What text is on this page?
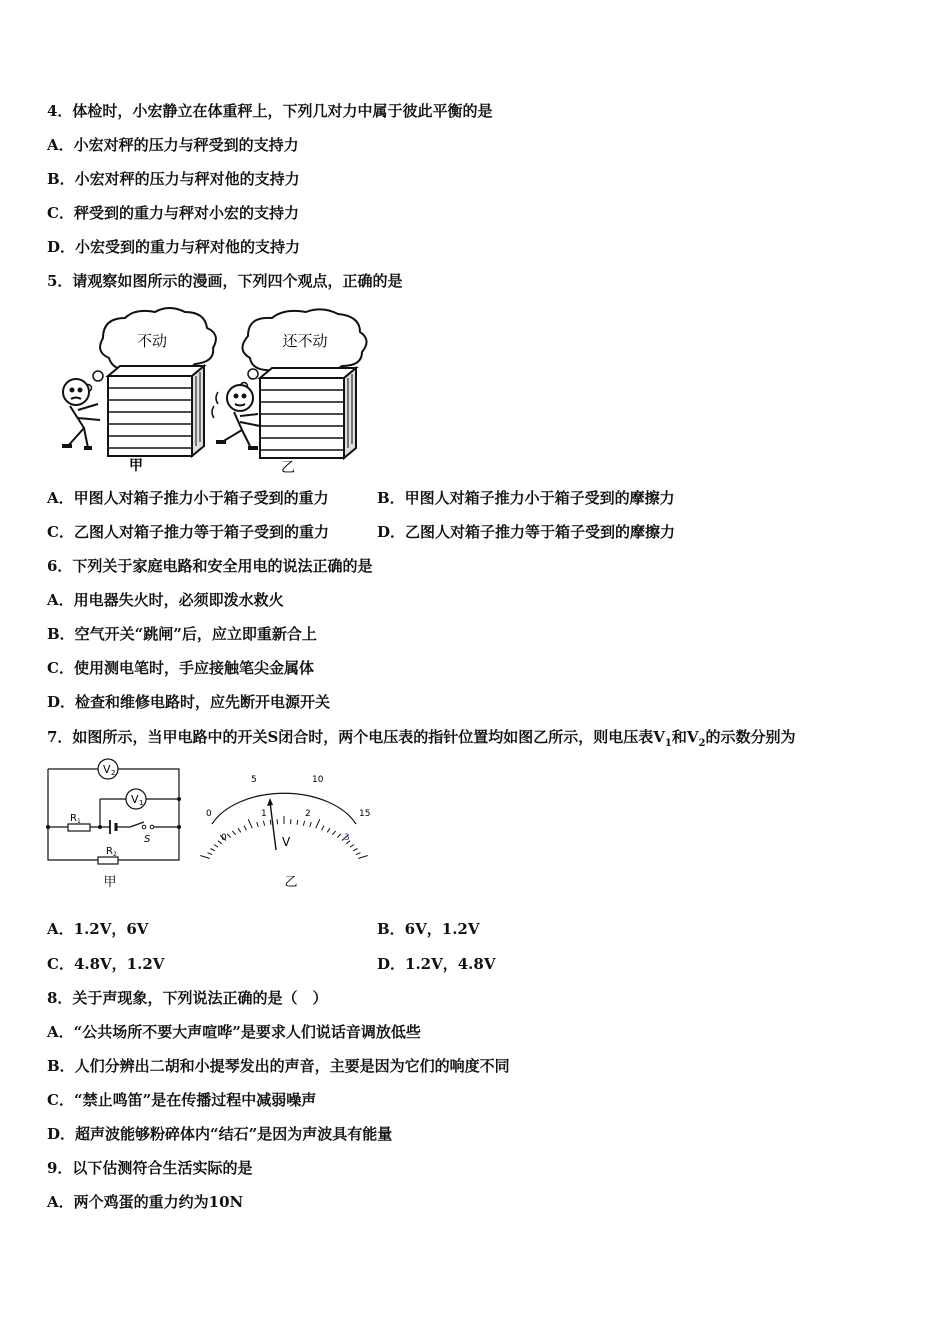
4．体检时，小宏静立在体重秤上，下列几对力中属于彼此平衡的是
A．小宏对秤的压力与秤受到的支持力
B．小宏对秤的压力与秤对他的支持力
C．秤受到的重力与秤对小宏的支持力
D．小宏受到的重力与秤对他的支持力
5．请观察如图所示的漫画，下列四个观点，正确的是
不动	还不动
甲	乙
A．甲图人对箱子推力小于箱子受到的重力	B．甲图人对箱子推力小于箱子受到的摩擦力
C．乙图人对箱子推力等于箱子受到的重力	D．乙图人对箱子推力等于箱子受到的摩擦力
6．下列关于家庭电路和安全用电的说法正确的是
A．用电器失火时，必须即泼水救火
B．空气开关“跳闸”后，应立即重新合上
C．使用测电笔时，手应接触笔尖金属体
D．检查和维修电路时，应先断开电源开关
7．如图所示，当甲电路中的开关S闭合时，两个电压表的指针位置均如图乙所示，则电压表$V_1$和$V_2$的示数分别为
V 2
V 1
R 1
S
R 2
甲
0
5	10
15
0
1	2
3
V
乙
A．1.2V，6V	B．6V，1.2V
C．4.8V，1.2V	D．1.2V，4.8V
8．关于声现象，下列说法正确的是（　）
A．“公共场所不要大声喧哗”是要求人们说话音调放低些
B．人们分辨出二胡和小提琴发出的声音，主要是因为它们的响度不同
C．“禁止鸣笛”是在传播过程中减弱噪声
D．超声波能够粉碎体内“结石”是因为声波具有能量
9．以下估测符合生活实际的是
A．两个鸡蛋的重力约为10N
